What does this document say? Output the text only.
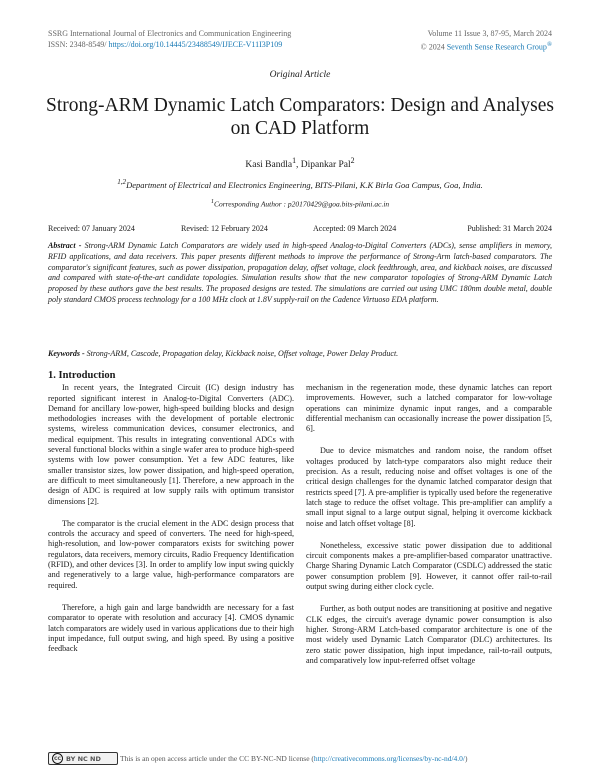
SSRG International Journal of Electronics and Communication Engineering
ISSN: 2348-8549/ https://doi.org/10.14445/23488549/IJECE-V11I3P109
Volume 11 Issue 3, 87-95, March 2024
© 2024 Seventh Sense Research Group®
Original Article
Strong-ARM Dynamic Latch Comparators: Design and Analyses on CAD Platform
Kasi Bandla$^1$, Dipankar Pal$^2$
$^{1,2}$Department of Electrical and Electronics Engineering, BITS-Pilani, K.K Birla Goa Campus, Goa, India.
$^1$Corresponding Author : p20170429@goa.bits-pilani.ac.in
Received: 07 January 2024	Revised: 12 February 2024	Accepted: 09 March 2024	Published: 31 March 2024

Abstract - Strong-ARM Dynamic Latch Comparators are widely used in high-speed Analog-to-Digital Converters (ADCs), sense amplifiers in memory, RFID applications, and data receivers. This paper presents different methods to improve the performance of Strong-Arm latch-based comparators. The comparator's significant features, such as power dissipation, propagation delay, offset voltage, clock feedthrough, area, and kickback noises, are discussed and compared with state-of-the-art candidate topologies. Simulation results show that the new comparator topologies of Strong-ARM Dynamic Latch proposed by these authors gave the best results. The proposed designs are tested. The simulations are carried out using UMC 180nm double metal, double poly standard CMOS process technology for a 100 MHz clock at 1.8V supply-rail on the Cadence Virtuoso EDA platform.

Keywords - Strong-ARM, Cascode, Propagation delay, Kickback noise, Offset voltage, Power Delay Product.

1. Introduction

In recent years, the Integrated Circuit (IC) design industry has reported significant interest in Analog-to-Digital Converters (ADC). Demand for ancillary low-power, high-speed building blocks and design methodologies increases with the development of portable electronic systems, wireless communication devices, consumer electronics, and medical equipment. This results in integrating conventional ADCs with several functional blocks within a single wafer area to produce high-speed systems with low power consumption. Yet a few ADC features, like smaller transistor sizes, low power dissipation, and high-speed operation, are difficult to meet simultaneously [1]. Therefore, a new approach in the design of ADC is required at low supply rails with optimum transistor dimensions [2].

The comparator is the crucial element in the ADC design process that controls the accuracy and speed of converters. The need for high-speed, high-resolution, and low-power comparators exists for switching power regulators, data receivers, memory circuits, Radio Frequency Identification (RFID), and other devices [3]. In order to amplify low input swing quickly and regeneratively to a large value, high-performance comparators are required.

Therefore, a high gain and large bandwidth are necessary for a fast comparator to operate with resolution and accuracy [4]. CMOS dynamic latch comparators are widely used in various applications due to their high input impedance, full output swing, and high speed. By using a positive feedback

mechanism in the regeneration mode, these dynamic latches can report improvements. However, such a latched comparator for low-voltage operations can minimize dynamic input ranges, and a comparable differential mechanism can occasionally increase the power dissipation [5, 6].

Due to device mismatches and random noise, the random offset voltages produced by latch-type comparators also might reduce their precision. As a result, reducing noise and offset voltages is one of the critical design challenges for the dynamic latched comparator design that restricts speed [7]. A pre-amplifier is typically used before the regenerative latch stage to reduce the offset voltage. This pre-amplifier can amplify a small input signal to a large output signal, helping it overcome kickback noise and latch offset voltage [8].

Nonetheless, excessive static power dissipation due to additional circuit components makes a pre-amplifier-based comparator unattractive. Charge Sharing Dynamic Latch Comparator (CSDLC) addressed the static power consumption problem [9]. However, it cannot offer rail-to-rail output swing during either clock cycle.

Further, as both output nodes are transitioning at positive and negative CLK edges, the circuit's average dynamic power consumption is also higher. Strong-ARM Latch-based comparator architecture is one of the most widely used Dynamic Latch Comparator (DLC) architectures. Its zero static power dissipation, high input impedance, rail-to-rail outputs, and comparatively low input-referred offset voltage

cc BY NC ND	This is an open access article under the CC BY-NC-ND license (http://creativecommons.org/licenses/by-nc-nd/4.0/)
